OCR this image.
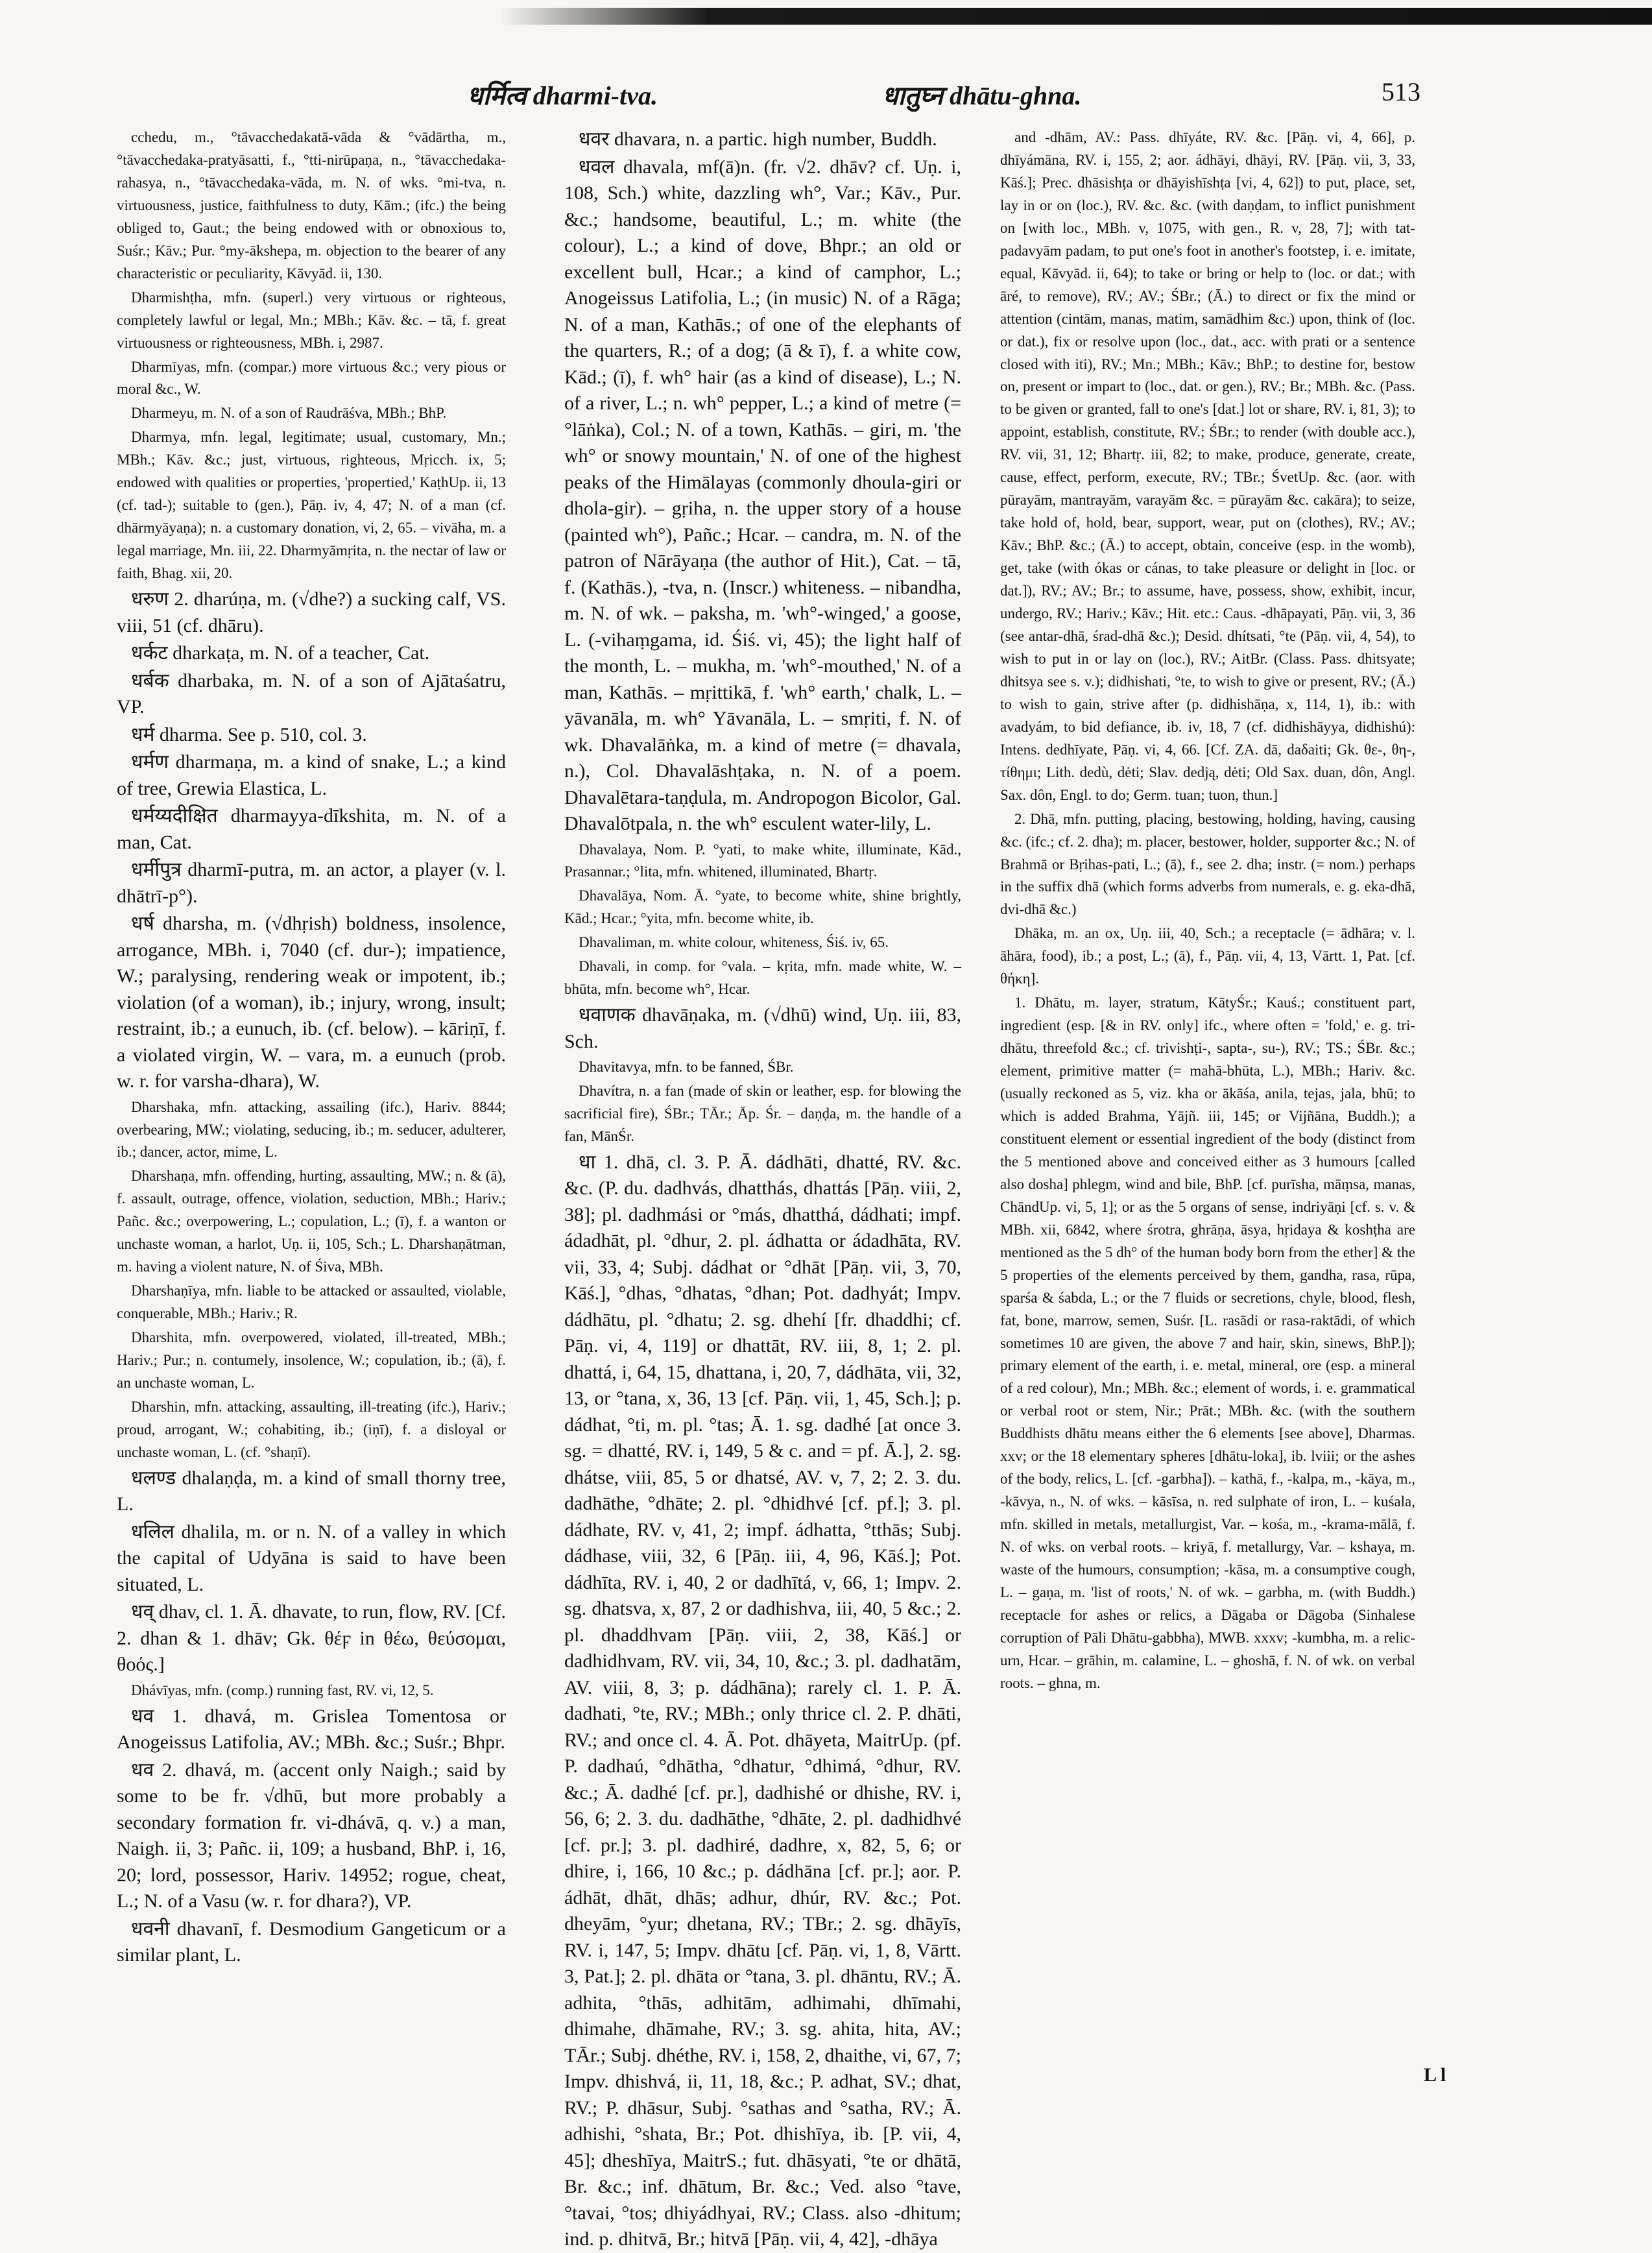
धर्मित्व dharmi-tva.	धातुघ्न dhātu-ghna.	513

cchedu, m., °tāvacchedakatā-vāda & °vādārtha, m., °tāvacchedaka-pratyāsatti, f., °tti-nirūpaṇa, n., °tāvacchedaka-rahasya, n., °tāvacchedaka-vāda, m. N. of wks. °mi-tva, n. virtuousness, justice, faithfulness to duty, Kām.; (ifc.) the being obliged to, Gaut.; the being endowed with or obnoxious to, Suśr.; Kāv.; Pur. °my-ākshepa, m. objection to the bearer of any characteristic or peculiarity, Kāvyād. ii, 130.

Dharmishṭha, mfn. (superl.) very virtuous or righteous, completely lawful or legal, Mn.; MBh.; Kāv. &c. – tā, f. great virtuousness or righteousness, MBh. i, 2987.

Dharmīyas, mfn. (compar.) more virtuous &c.; very pious or moral &c., W.

Dharmeyu, m. N. of a son of Raudrāśva, MBh.; BhP.

Dharmya, mfn. legal, legitimate; usual, customary, Mn.; MBh.; Kāv. &c.; just, virtuous, righteous, Mṛicch. ix, 5; endowed with qualities or properties, 'propertied,' KaṭhUp. ii, 13 (cf. tad-); suitable to (gen.), Pāṇ. iv, 4, 47; N. of a man (cf. dhārmyāyaṇa); n. a customary donation, vi, 2, 65. – vivāha, m. a legal marriage, Mn. iii, 22. Dharmyāmṛita, n. the nectar of law or faith, Bhag. xii, 20.

धरुण 2. dharúṇa, m. (√dhe?) a sucking calf, VS. viii, 51 (cf. dhāru).

धर्कट dharkaṭa, m. N. of a teacher, Cat.

धर्बक dharbaka, m. N. of a son of Ajātaśatru, VP.

धर्म dharma. See p. 510, col. 3.

धर्मण dharmaṇa, m. a kind of snake, L.; a kind of tree, Grewia Elastica, L.

धर्मय्यदीक्षित dharmayya-dīkshita, m. N. of a man, Cat.

धर्मीपुत्र dharmī-putra, m. an actor, a player (v. l. dhātrī-p°).

धर्ष dharsha, m. (√dhṛish) boldness, insolence, arrogance, MBh. i, 7040 (cf. dur-); impatience, W.; paralysing, rendering weak or impotent, ib.; violation (of a woman), ib.; injury, wrong, insult; restraint, ib.; a eunuch, ib. (cf. below). – kāriṇī, f. a violated virgin, W. – vara, m. a eunuch (prob. w. r. for varsha-dhara), W.

Dharshaka, mfn. attacking, assailing (ifc.), Hariv. 8844; overbearing, MW.; violating, seducing, ib.; m. seducer, adulterer, ib.; dancer, actor, mime, L.

Dharshaṇa, mfn. offending, hurting, assaulting, MW.; n. & (ā), f. assault, outrage, offence, violation, seduction, MBh.; Hariv.; Pañc. &c.; overpowering, L.; copulation, L.; (ī), f. a wanton or unchaste woman, a harlot, Uṇ. ii, 105, Sch.; L. Dharshaṇātman, m. having a violent nature, N. of Śiva, MBh.

Dharshaṇīya, mfn. liable to be attacked or assaulted, violable, conquerable, MBh.; Hariv.; R.

Dharshita, mfn. overpowered, violated, ill-treated, MBh.; Hariv.; Pur.; n. contumely, insolence, W.; copulation, ib.; (ā), f. an unchaste woman, L.

Dharshin, mfn. attacking, assaulting, ill-treating (ifc.), Hariv.; proud, arrogant, W.; cohabiting, ib.; (iṇī), f. a disloyal or unchaste woman, L. (cf. °shaṇī).

धलण्ड dhalaṇḍa, m. a kind of small thorny tree, L.

धलिल dhalila, m. or n. N. of a valley in which the capital of Udyāna is said to have been situated, L.

धव् dhav, cl. 1. Ā. dhavate, to run, flow, RV. [Cf. 2. dhan & 1. dhāv; Gk. θέϝ in θέω, θεύσομαι, θοός.]

Dhávīyas, mfn. (comp.) running fast, RV. vi, 12, 5.

धव 1. dhavá, m. Grislea Tomentosa or Anogeissus Latifolia, AV.; MBh. &c.; Suśr.; Bhpr.

धव 2. dhavá, m. (accent only Naigh.; said by some to be fr. √dhū, but more probably a secondary formation fr. vi-dhávā, q. v.) a man, Naigh. ii, 3; Pañc. ii, 109; a husband, BhP. i, 16, 20; lord, possessor, Hariv. 14952; rogue, cheat, L.; N. of a Vasu (w. r. for dhara?), VP.

धवनी dhavanī, f. Desmodium Gangeticum or a similar plant, L.

धवर dhavara, n. a partic. high number, Buddh.

धवल dhavala, mf(ā)n. (fr. √2. dhāv? cf. Uṇ. i, 108, Sch.) white, dazzling wh°, Var.; Kāv., Pur. &c.; handsome, beautiful, L.; m. white (the colour), L.; a kind of dove, Bhpr.; an old or excellent bull, Hcar.; a kind of camphor, L.; Anogeissus Latifolia, L.; (in music) N. of a Rāga; N. of a man, Kathās.; of one of the elephants of the quarters, R.; of a dog; (ā & ī), f. a white cow, Kād.; (ī), f. wh° hair (as a kind of disease), L.; N. of a river, L.; n. wh° pepper, L.; a kind of metre (= °lāṅka), Col.; N. of a town, Kathās. – giri, m. 'the wh° or snowy mountain,' N. of one of the highest peaks of the Himālayas (commonly dhoula-giri or dhola-gir). – gṛiha, n. the upper story of a house (painted wh°), Pañc.; Hcar. – candra, m. N. of the patron of Nārāyaṇa (the author of Hit.), Cat. – tā, f. (Kathās.), -tva, n. (Inscr.) whiteness. – nibandha, m. N. of wk. – paksha, m. 'wh°-winged,' a goose, L. (-vihaṃgama, id. Śiś. vi, 45); the light half of the month, L. – mukha, m. 'wh°-mouthed,' N. of a man, Kathās. – mṛittikā, f. 'wh° earth,' chalk, L. – yāvanāla, m. wh° Yāvanāla, L. – smṛiti, f. N. of wk. Dhavalāṅka, m. a kind of metre (= dhavala, n.), Col. Dhavalāshṭaka, n. N. of a poem. Dhavalētara-taṇḍula, m. Andropogon Bicolor, Gal. Dhavalōtpala, n. the wh° esculent water-lily, L.

Dhavalaya, Nom. P. °yati, to make white, illuminate, Kād., Prasannar.; °lita, mfn. whitened, illuminated, Bhartṛ.

Dhavalāya, Nom. Ā. °yate, to become white, shine brightly, Kād.; Hcar.; °yita, mfn. become white, ib.

Dhavaliman, m. white colour, whiteness, Śiś. iv, 65.

Dhavali, in comp. for °vala. – kṛita, mfn. made white, W. – bhūta, mfn. become wh°, Hcar.

धवाणक dhavāṇaka, m. (√dhū) wind, Uṇ. iii, 83, Sch.

Dhavitavya, mfn. to be fanned, ŚBr.

Dhavítra, n. a fan (made of skin or leather, esp. for blowing the sacrificial fire), ŚBr.; TĀr.; Āp. Śr. – daṇḍa, m. the handle of a fan, MānŚr.

धा 1. dhā, cl. 3. P. Ā. dádhāti, dhatté, RV. &c. &c. (P. du. dadhvás, dhatthás, dhattás [Pāṇ. viii, 2, 38]; pl. dadhmási or °más, dhatthá, dádhati; impf. ádadhāt, pl. °dhur, 2. pl. ádhatta or ádadhāta, RV. vii, 33, 4; Subj. dádhat or °dhāt [Pāṇ. vii, 3, 70, Kāś.], °dhas, °dhatas, °dhan; Pot. dadhyát; Impv. dádhātu, pl. °dhatu; 2. sg. dhehí [fr. dhaddhi; cf. Pāṇ. vi, 4, 119] or dhattāt, RV. iii, 8, 1; 2. pl. dhattá, i, 64, 15, dhattana, i, 20, 7, dádhāta, vii, 32, 13, or °tana, x, 36, 13 [cf. Pāṇ. vii, 1, 45, Sch.]; p. dádhat, °ti, m. pl. °tas; Ā. 1. sg. dadhé [at once 3. sg. = dhatté, RV. i, 149, 5 & c. and = pf. Ā.], 2. sg. dhátse, viii, 85, 5 or dhatsé, AV. v, 7, 2; 2. 3. du. dadhāthe, °dhāte; 2. pl. °dhidhvé [cf. pf.]; 3. pl. dádhate, RV. v, 41, 2; impf. ádhatta, °tthās; Subj. dádhase, viii, 32, 6 [Pāṇ. iii, 4, 96, Kāś.]; Pot. dádhīta, RV. i, 40, 2 or dadhītá, v, 66, 1; Impv. 2. sg. dhatsva, x, 87, 2 or dadhishva, iii, 40, 5 &c.; 2. pl. dhaddhvam [Pāṇ. viii, 2, 38, Kāś.] or dadhidhvam, RV. vii, 34, 10, &c.; 3. pl. dadhatām, AV. viii, 8, 3; p. dádhāna); rarely cl. 1. P. Ā. dadhati, °te, RV.; MBh.; only thrice cl. 2. P. dhāti, RV.; and once cl. 4. Ā. Pot. dhāyeta, MaitrUp. (pf. P. dadhaú, °dhātha, °dhatur, °dhimá, °dhur, RV. &c.; Ā. dadhé [cf. pr.], dadhishé or dhishe, RV. i, 56, 6; 2. 3. du. dadhāthe, °dhāte, 2. pl. dadhidhvé [cf. pr.]; 3. pl. dadhiré, dadhre, x, 82, 5, 6; or dhire, i, 166, 10 &c.; p. dádhāna [cf. pr.]; aor. P. ádhāt, dhāt, dhās; adhur, dhúr, RV. &c.; Pot. dheyām, °yur; dhetana, RV.; TBr.; 2. sg. dhāyīs, RV. i, 147, 5; Impv. dhātu [cf. Pāṇ. vi, 1, 8, Vārtt. 3, Pat.]; 2. pl. dhāta or °tana, 3. pl. dhāntu, RV.; Ā. adhita, °thās, adhitām, adhimahi, dhīmahi, dhimahe, dhāmahe, RV.; 3. sg. ahita, hita, AV.; TĀr.; Subj. dhéthe, RV. i, 158, 2, dhaithe, vi, 67, 7; Impv. dhishvá, ii, 11, 18, &c.; P. adhat, SV.; dhat, RV.; P. dhāsur, Subj. °sathas and °satha, RV.; Ā. adhishi, °shata, Br.; Pot. dhishīya, ib. [P. vii, 4, 45]; dheshīya, MaitrS.; fut. dhāsyati, °te or dhātā, Br. &c.; inf. dhātum, Br. &c.; Ved. also °tave, °tavai, °tos; dhiyádhyai, RV.; Class. also -dhitum; ind. p. dhitvā, Br.; hitvā [Pāṇ. vii, 4, 42], -dhāya

and -dhām, AV.: Pass. dhīyáte, RV. &c. [Pāṇ. vi, 4, 66], p. dhīyámāna, RV. i, 155, 2; aor. ádhāyi, dhāyi, RV. [Pāṇ. vii, 3, 33, Kāś.]; Prec. dhāsishṭa or dhāyishīshṭa [vi, 4, 62]) to put, place, set, lay in or on (loc.), RV. &c. &c. (with daṇḍam, to inflict punishment on [with loc., MBh. v, 1075, with gen., R. v, 28, 7]; with tat-padavyām padam, to put one's foot in another's footstep, i. e. imitate, equal, Kāvyād. ii, 64); to take or bring or help to (loc. or dat.; with āré, to remove), RV.; AV.; ŚBr.; (Ā.) to direct or fix the mind or attention (cintām, manas, matim, samādhim &c.) upon, think of (loc. or dat.), fix or resolve upon (loc., dat., acc. with prati or a sentence closed with iti), RV.; Mn.; MBh.; Kāv.; BhP.; to destine for, bestow on, present or impart to (loc., dat. or gen.), RV.; Br.; MBh. &c. (Pass. to be given or granted, fall to one's [dat.] lot or share, RV. i, 81, 3); to appoint, establish, constitute, RV.; ŚBr.; to render (with double acc.), RV. vii, 31, 12; Bhartṛ. iii, 82; to make, produce, generate, create, cause, effect, perform, execute, RV.; TBr.; ŚvetUp. &c. (aor. with pūrayām, mantrayām, varayām &c. = pūrayām &c. cakāra); to seize, take hold of, hold, bear, support, wear, put on (clothes), RV.; AV.; Kāv.; BhP. &c.; (Ā.) to accept, obtain, conceive (esp. in the womb), get, take (with ókas or cánas, to take pleasure or delight in [loc. or dat.]), RV.; AV.; Br.; to assume, have, possess, show, exhibit, incur, undergo, RV.; Hariv.; Kāv.; Hit. etc.: Caus. -dhāpayati, Pāṇ. vii, 3, 36 (see antar-dhā, śrad-dhā &c.); Desid. dhítsati, °te (Pāṇ. vii, 4, 54), to wish to put in or lay on (loc.), RV.; AitBr. (Class. Pass. dhitsyate; dhitsya see s. v.); didhishati, °te, to wish to give or present, RV.; (Ā.) to wish to gain, strive after (p. didhishāṇa, x, 114, 1), ib.: with avadyám, to bid defiance, ib. iv, 18, 7 (cf. didhishāyya, didhishú): Intens. dedhīyate, Pāṇ. vi, 4, 66. [Cf. ZA. dā, daδaiti; Gk. θε-, θη-, τίθημι; Lith. dedù, dėti; Slav. dedją, dėti; Old Sax. duan, dôn, Angl. Sax. dôn, Engl. to do; Germ. tuan; tuon, thun.]

2. Dhā, mfn. putting, placing, bestowing, holding, having, causing &c. (ifc.; cf. 2. dha); m. placer, bestower, holder, supporter &c.; N. of Brahmā or Bṛihas-pati, L.; (ā), f., see 2. dha; instr. (= nom.) perhaps in the suffix dhā (which forms adverbs from numerals, e. g. eka-dhā, dvi-dhā &c.)

Dhāka, m. an ox, Uṇ. iii, 40, Sch.; a receptacle (= ādhāra; v. l. āhāra, food), ib.; a post, L.; (ā), f., Pāṇ. vii, 4, 13, Vārtt. 1, Pat. [cf. θήκη].

1. Dhātu, m. layer, stratum, KātyŚr.; Kauś.; constituent part, ingredient (esp. [& in RV. only] ifc., where often = 'fold,' e. g. tri-dhātu, threefold &c.; cf. trivishṭi-, sapta-, su-), RV.; TS.; ŚBr. &c.; element, primitive matter (= mahā-bhūta, L.), MBh.; Hariv. &c. (usually reckoned as 5, viz. kha or ākāśa, anila, tejas, jala, bhū; to which is added Brahma, Yājñ. iii, 145; or Vijñāna, Buddh.); a constituent element or essential ingredient of the body (distinct from the 5 mentioned above and conceived either as 3 humours [called also dosha] phlegm, wind and bile, BhP. [cf. purīsha, māṃsa, manas, ChāndUp. vi, 5, 1]; or as the 5 organs of sense, indriyāṇi [cf. s. v. & MBh. xii, 6842, where śrotra, ghrāṇa, āsya, hṛidaya & koshṭha are mentioned as the 5 dh° of the human body born from the ether] & the 5 properties of the elements perceived by them, gandha, rasa, rūpa, sparśa & śabda, L.; or the 7 fluids or secretions, chyle, blood, flesh, fat, bone, marrow, semen, Suśr. [L. rasādi or rasa-raktādi, of which sometimes 10 are given, the above 7 and hair, skin, sinews, BhP.]); primary element of the earth, i. e. metal, mineral, ore (esp. a mineral of a red colour), Mn.; MBh. &c.; element of words, i. e. grammatical or verbal root or stem, Nir.; Prāt.; MBh. &c. (with the southern Buddhists dhātu means either the 6 elements [see above], Dharmas. xxv; or the 18 elementary spheres [dhātu-loka], ib. lviii; or the ashes of the body, relics, L. [cf. -garbha]). – kathā, f., -kalpa, m., -kāya, m., -kāvya, n., N. of wks. – kāsīsa, n. red sulphate of iron, L. – kuśala, mfn. skilled in metals, metallurgist, Var. – kośa, m., -krama-mālā, f. N. of wks. on verbal roots. – kriyā, f. metallurgy, Var. – kshaya, m. waste of the humours, consumption; -kāsa, m. a consumptive cough, L. – gaṇa, m. 'list of roots,' N. of wk. – garbha, m. (with Buddh.) receptacle for ashes or relics, a Dāgaba or Dāgoba (Sinhalese corruption of Pāli Dhātu-gabbha), MWB. xxxv; -kumbha, m. a relic-urn, Hcar. – grāhin, m. calamine, L. – ghoshā, f. N. of wk. on verbal roots. – ghna, m.

L l
